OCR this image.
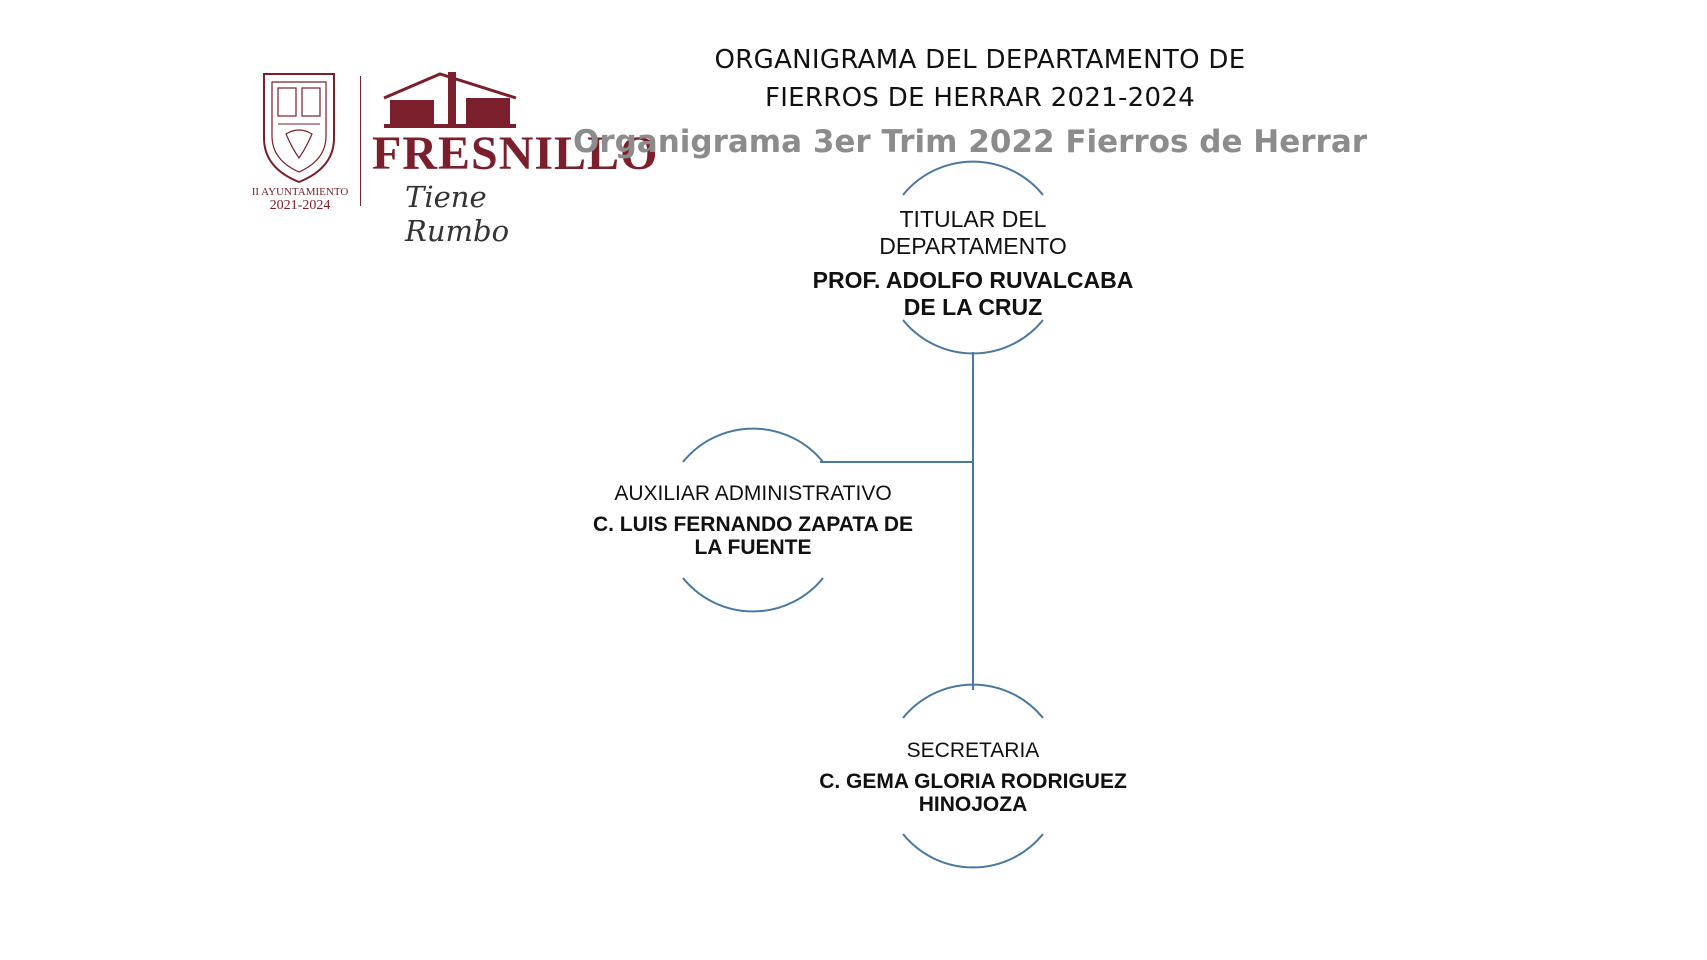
II AYUNTAMIENTO
2021-2024
FRESNILLO
Tiene Rumbo
ORGANIGRAMA DEL DEPARTAMENTO DE
FIERROS DE HERRAR 2021-2024
Organigrama 3er Trim 2022 Fierros de Herrar
TITULAR DEL
DEPARTAMENTO
PROF. ADOLFO RUVALCABA
DE LA CRUZ
AUXILIAR ADMINISTRATIVO
C. LUIS FERNANDO ZAPATA DE
LA FUENTE
SECRETARIA
C. GEMA GLORIA RODRIGUEZ
HINOJOZA
